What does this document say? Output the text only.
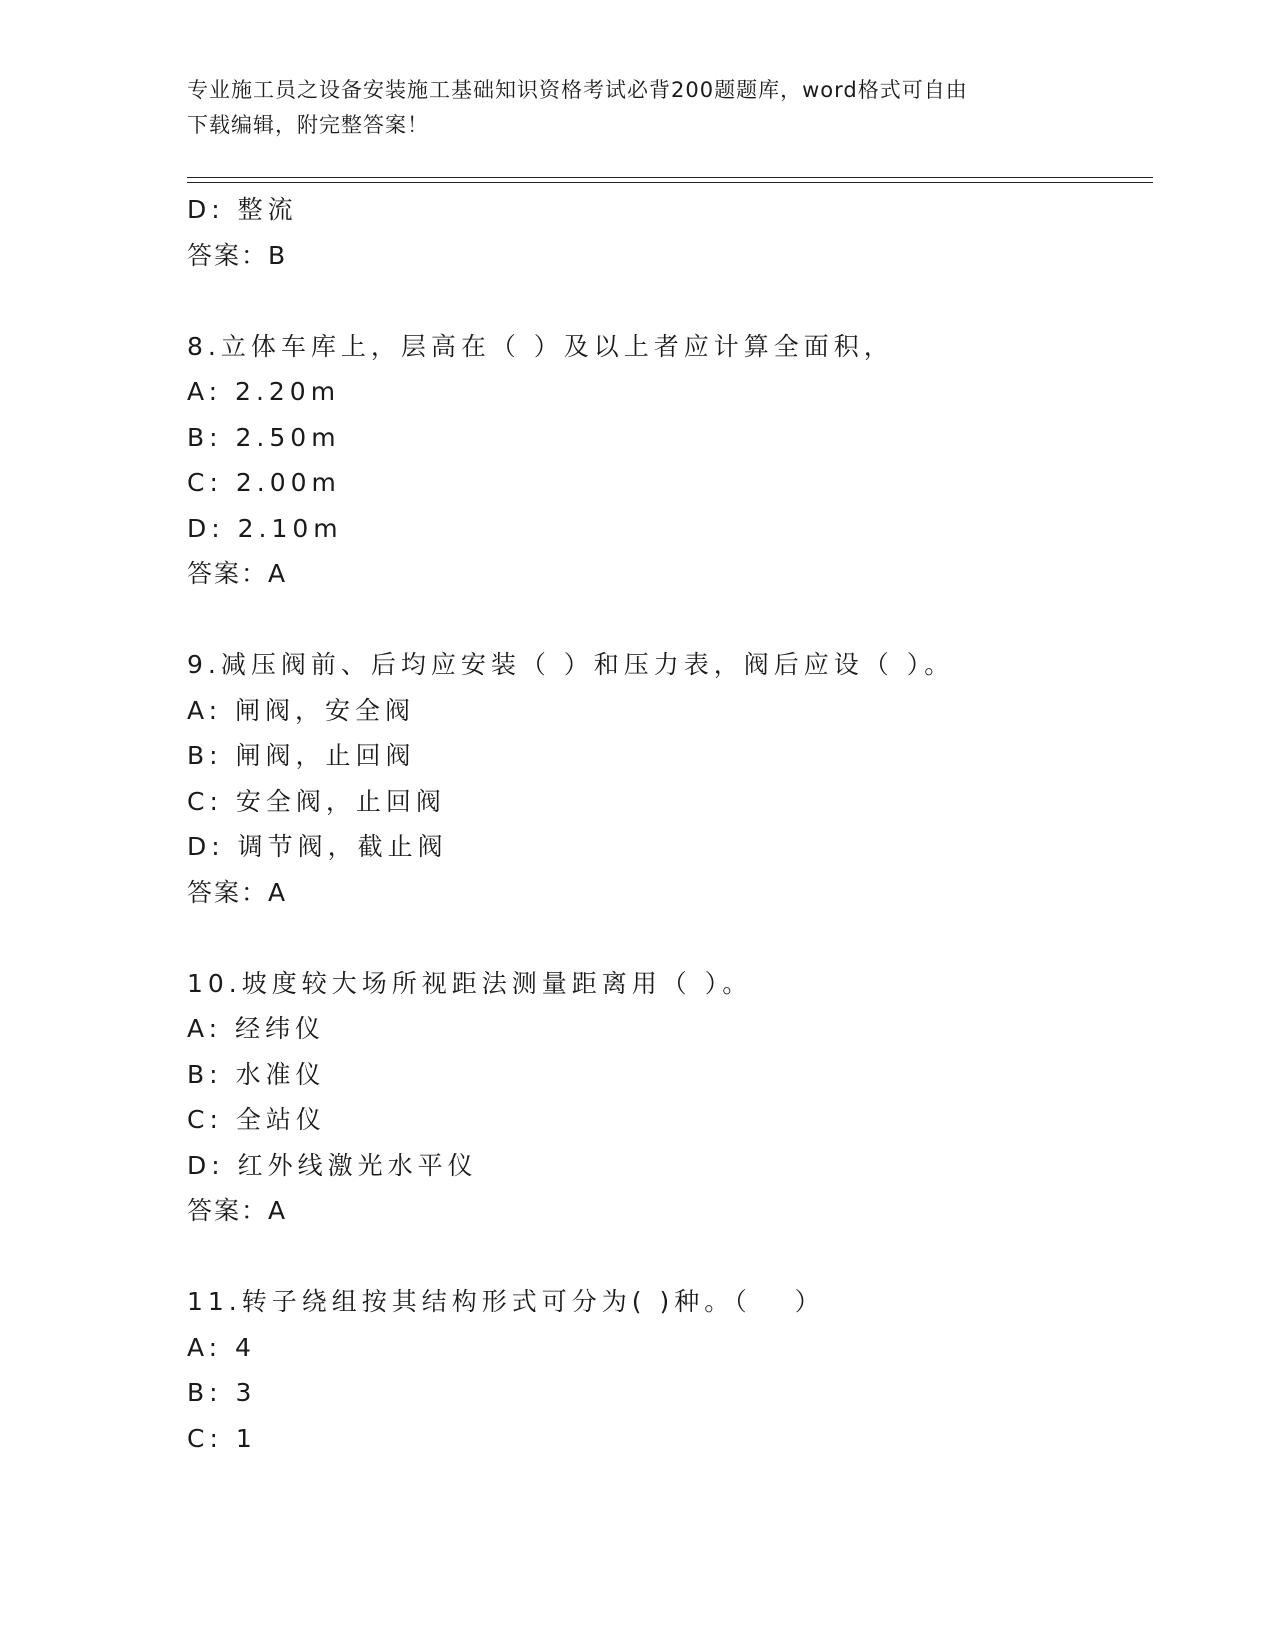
专业施工员之设备安装施工基础知识资格考试必背200题题库，word格式可自由
下载编辑，附完整答案！
D: 整流
答案：B
8.立体车库上，层高在（ ）及以上者应计算全面积，
A: 2.20m
B: 2.50m
C: 2.00m
D: 2.10m
答案：A
9.减压阀前、后均应安装（ ）和压力表，阀后应设（ ）。
A: 闸阀，安全阀
B: 闸阀，止回阀
C: 安全阀，止回阀
D: 调节阀，截止阀
答案：A
10.坡度较大场所视距法测量距离用（ ）。
A: 经纬仪
B: 水准仪
C: 全站仪
D: 红外线激光水平仪
答案：A
11.转子绕组按其结构形式可分为( )种。（　 ）
A: 4
B: 3
C: 1
